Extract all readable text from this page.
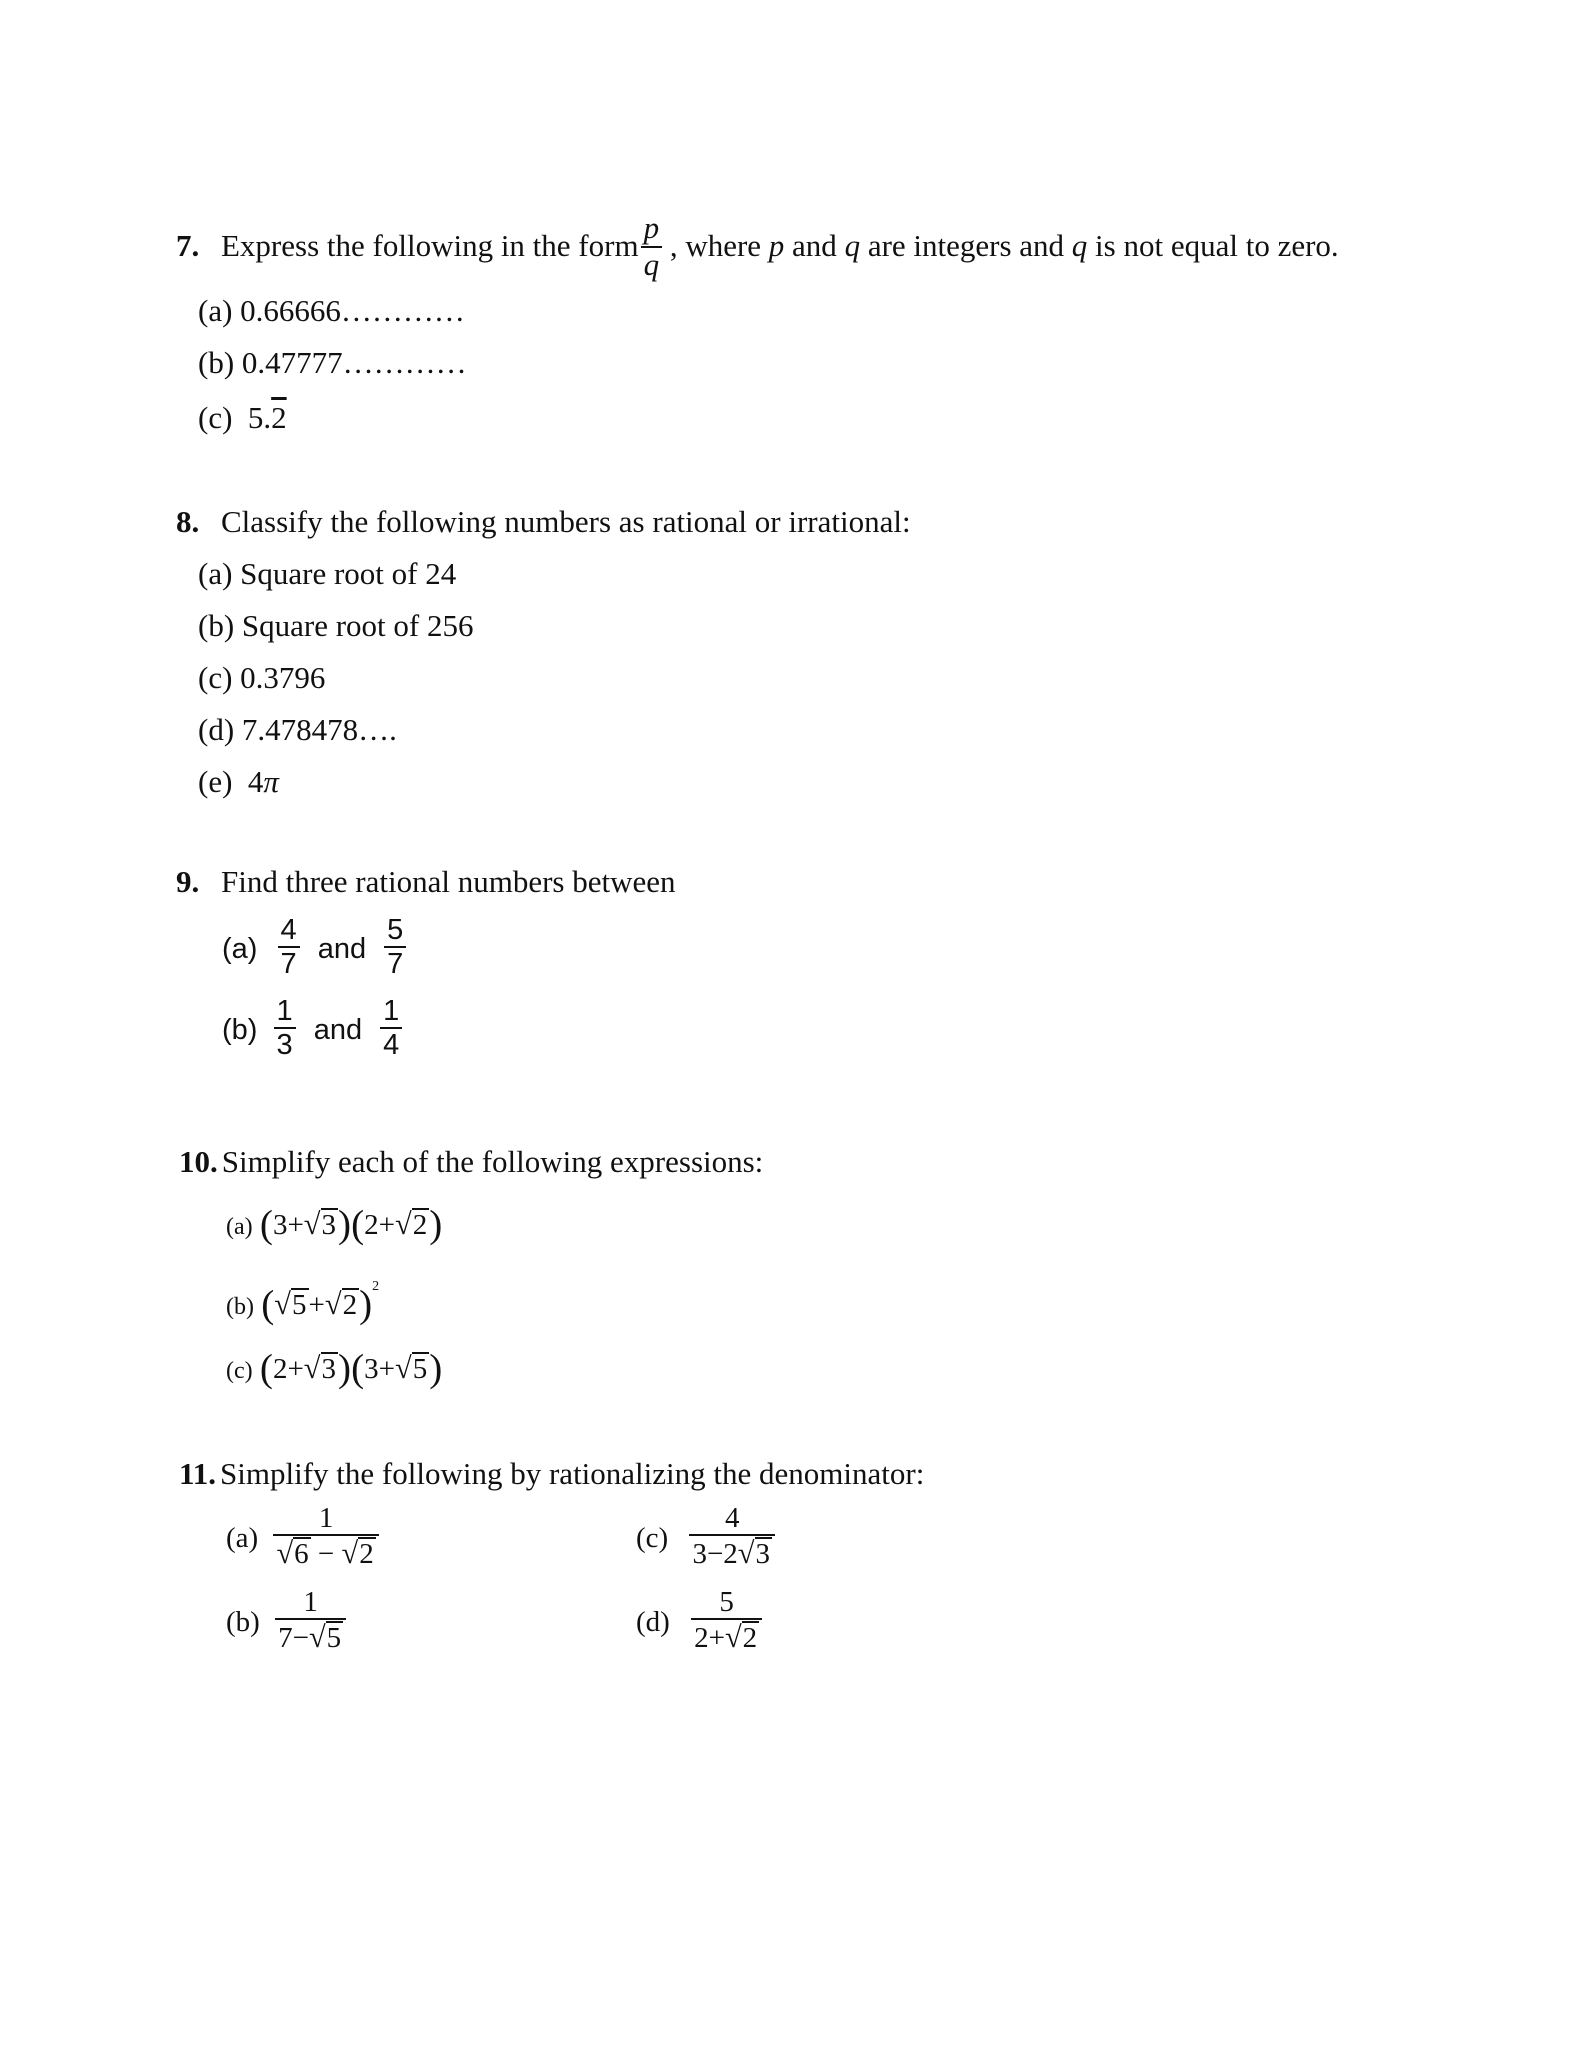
7. Express the following in the form $\frac{p}{q}$ , where p and q are integers and q is not equal to zero.
(a) 0.66666…………
(b) 0.47777…………
(c) 5.2
8. Classify the following numbers as rational or irrational:
(a) Square root of 24
(b) Square root of 256
(c) 0.3796
(d) 7.478478….
(e) 4π
9. Find three rational numbers between
$(a) \frac{4}{7}$ and $\frac{5}{7}$
$(b) \frac{1}{3}$ and $\frac{1}{4}$
10. Simplify each of the following expressions:
(a) (3+√3)(2+√2)
(b) $(√5+√2)^2$
(c) (2+√3)(3+√5)
11. Simplify the following by rationalizing the denominator:
$(a) \frac{1}{√6 - √2}$
$(b) \frac{1}{7-√5}$
$(c) \frac{4}{3-2√3}$
$(d) \frac{5}{2+√2}$
